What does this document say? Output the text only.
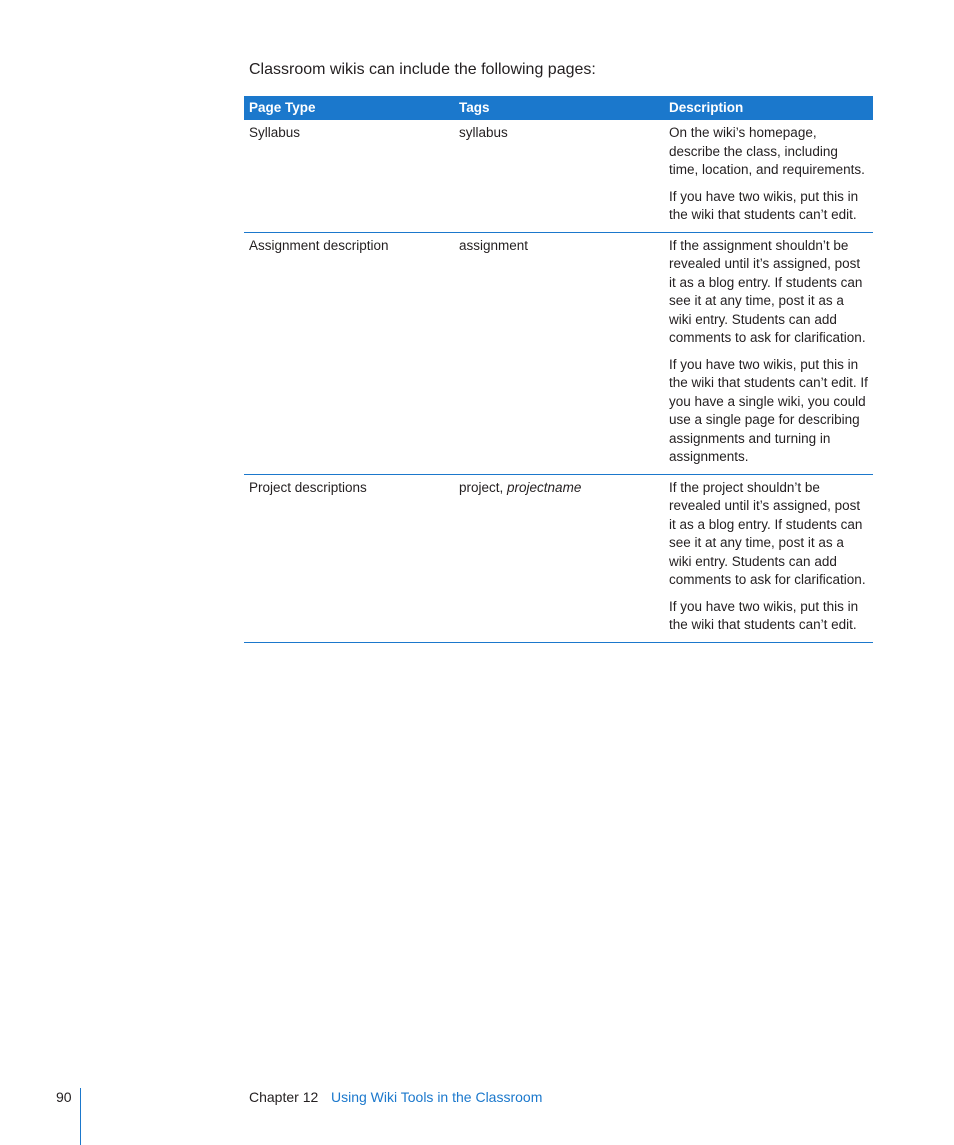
Classroom wikis can include the following pages:
Page Type	Tags	Description
Syllabus	syllabus	On the wiki’s homepage, describe the class, including time, location, and requirements.

If you have two wikis, put this in the wiki that students can’t edit.

Assignment description	assignment	If the assignment shouldn’t be revealed until it’s assigned, post it as a blog entry. If students can see it at any time, post it as a wiki entry. Students can add comments to ask for clarification.

If you have two wikis, put this in the wiki that students can’t edit. If you have a single wiki, you could use a single page for describing assignments and turning in assignments.

Project descriptions	project, projectname	If the project shouldn’t be revealed until it’s assigned, post it as a blog entry. If students can see it at any time, post it as a wiki entry. Students can add comments to ask for clarification.

If you have two wikis, put this in the wiki that students can’t edit.

90	Chapter 12 Using Wiki Tools in the Classroom
